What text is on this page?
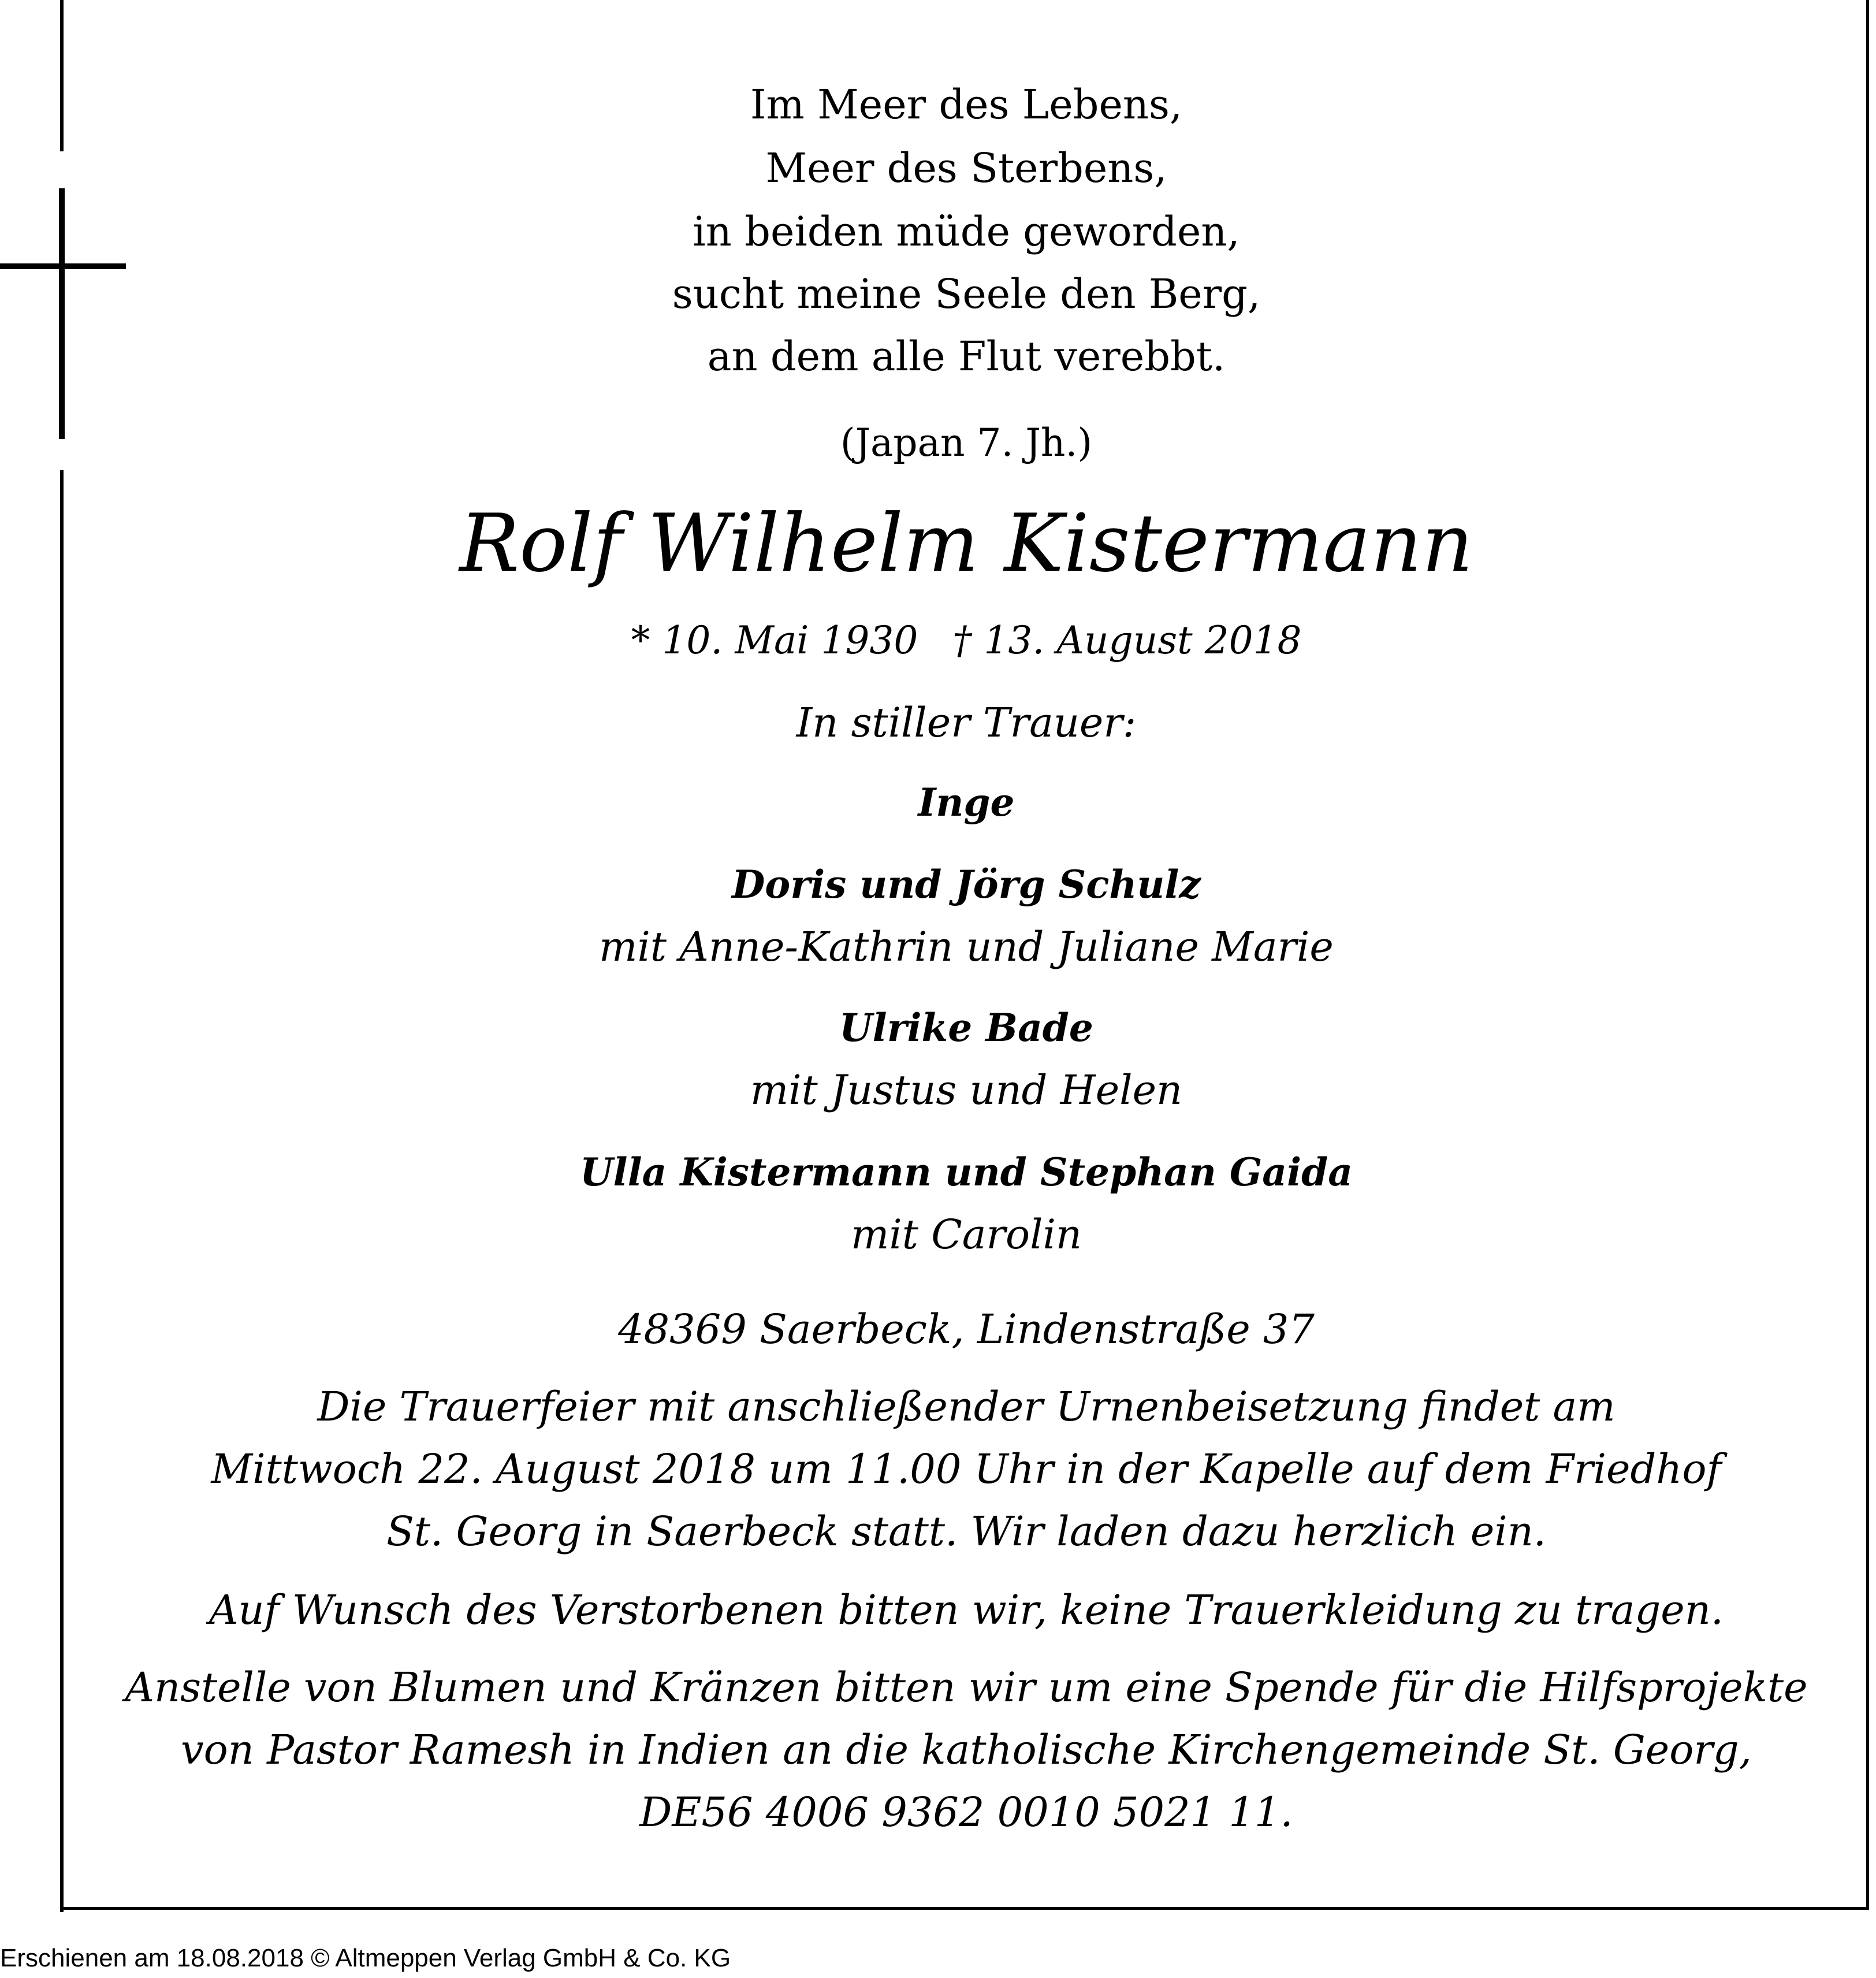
Im Meer des Lebens,
Meer des Sterbens,
in beiden müde geworden,
sucht meine Seele den Berg,
an dem alle Flut verebbt.
(Japan 7. Jh.)
Rolf Wilhelm Kistermann
* 10. Mai 1930 † 13. August 2018
In stiller Trauer:
Inge
Doris und Jörg Schulz
mit Anne-Kathrin und Juliane Marie
Ulrike Bade
mit Justus und Helen
Ulla Kistermann und Stephan Gaida
mit Carolin
48369 Saerbeck, Lindenstraße 37
Die Trauerfeier mit anschließender Urnenbeisetzung findet am
Mittwoch 22. August 2018 um 11.00 Uhr in der Kapelle auf dem Friedhof
St. Georg in Saerbeck statt. Wir laden dazu herzlich ein.
Auf Wunsch des Verstorbenen bitten wir, keine Trauerkleidung zu tragen.
Anstelle von Blumen und Kränzen bitten wir um eine Spende für die Hilfsprojekte
von Pastor Ramesh in Indien an die katholische Kirchengemeinde St. Georg,
DE56 4006 9362 0010 5021 11.
Erschienen am 18.08.2018 © Altmeppen Verlag GmbH & Co. KG
